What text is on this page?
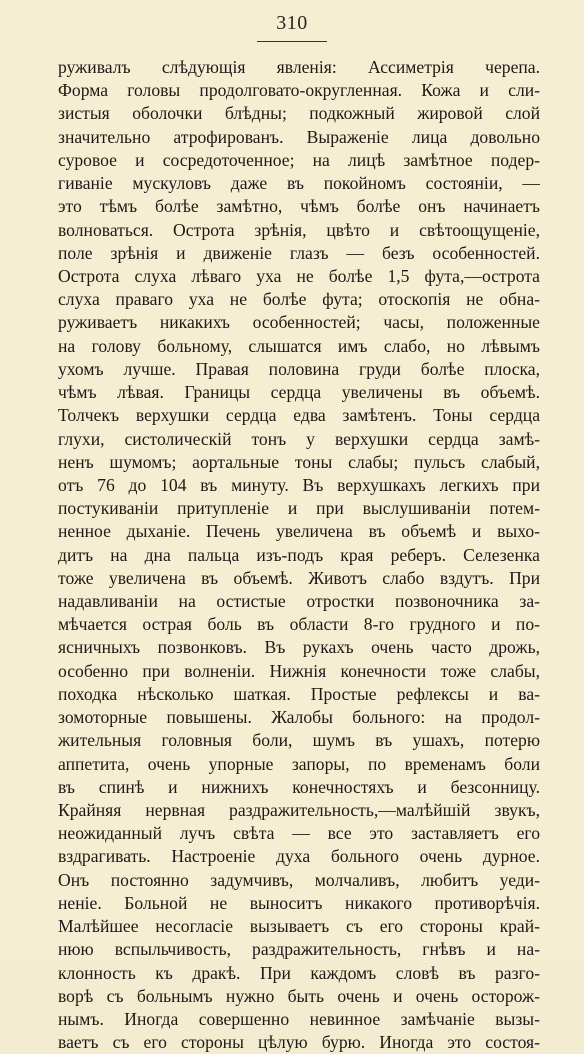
310
руживалъ слѣдующія явленія: Ассиметрія черепа.
Форма головы продолговато-округленная. Кожа и сли-
зистыя оболочки блѣдны; подкожный жировой слой
значительно атрофированъ. Выраженіе лица довольно
суровое и сосредоточенное; на лицѣ замѣтное подер-
гиваніе мускуловъ даже въ покойномъ состояніи, —
это тѣмъ болѣе замѣтно, чѣмъ болѣе онъ начинаетъ
волноваться. Острота зрѣнія, цвѣто и свѣтоощущеніе,
поле зрѣнія и движеніе глазъ — безъ особенностей.
Острота слуха лѣваго уха не болѣе 1,5 фута,—острота
слуха праваго уха не болѣе фута; отоскопія не обна-
руживаетъ никакихъ особенностей; часы, положенные
на голову больному, слышатся имъ слабо, но лѣвымъ
ухомъ лучше. Правая половина груди болѣе плоска,
чѣмъ лѣвая. Границы сердца увеличены въ объемѣ.
Толчекъ верхушки сердца едва замѣтенъ. Тоны сердца
глухи, систолическій тонъ у верхушки сердца замѣ-
ненъ шумомъ; аортальные тоны слабы; пульсъ слабый,
отъ 76 до 104 въ минуту. Въ верхушкахъ легкихъ при
постукиваніи притупленіе и при выслушиваніи потем-
ненное дыханіе. Печень увеличена въ объемѣ и выхо-
дитъ на дна пальца изъ-подъ края реберъ. Селезенка
тоже увеличена въ объемѣ. Животъ слабо вздутъ. При
надавливаніи на остистые отростки позвоночника за-
мѣчается острая боль въ области 8-го грудного и по-
ясничныхъ позвонковъ. Въ рукахъ очень часто дрожь,
особенно при волненіи. Нижнія конечности тоже слабы,
походка нѣсколько шаткая. Простые рефлексы и ва-
зомоторные повышены. Жалобы больного: на продол-
жительныя головныя боли, шумъ въ ушахъ, потерю
аппетита, очень упорные запоры, по временамъ боли
въ спинѣ и нижнихъ конечностяхъ и безсонницу.
Крайняя нервная раздражительность,—малѣйшій звукъ,
неожиданный лучъ свѣта — все это заставляетъ его
вздрагивать. Настроеніе духа больного очень дурное.
Онъ постоянно задумчивъ, молчаливъ, любитъ уеди-
неніе. Больной не выноситъ никакого противорѣчія.
Малѣйшее несогласіе вызываетъ съ его стороны край-
нюю вспыльчивость, раздражительность, гнѣвъ и на-
клонность къ дракѣ. При каждомъ словѣ въ разго-
ворѣ съ больнымъ нужно быть очень и очень осторож-
нымъ. Иногда совершенно невинное замѣчаніе вызы-
ваетъ съ его стороны цѣлую бурю. Иногда это состоя-
